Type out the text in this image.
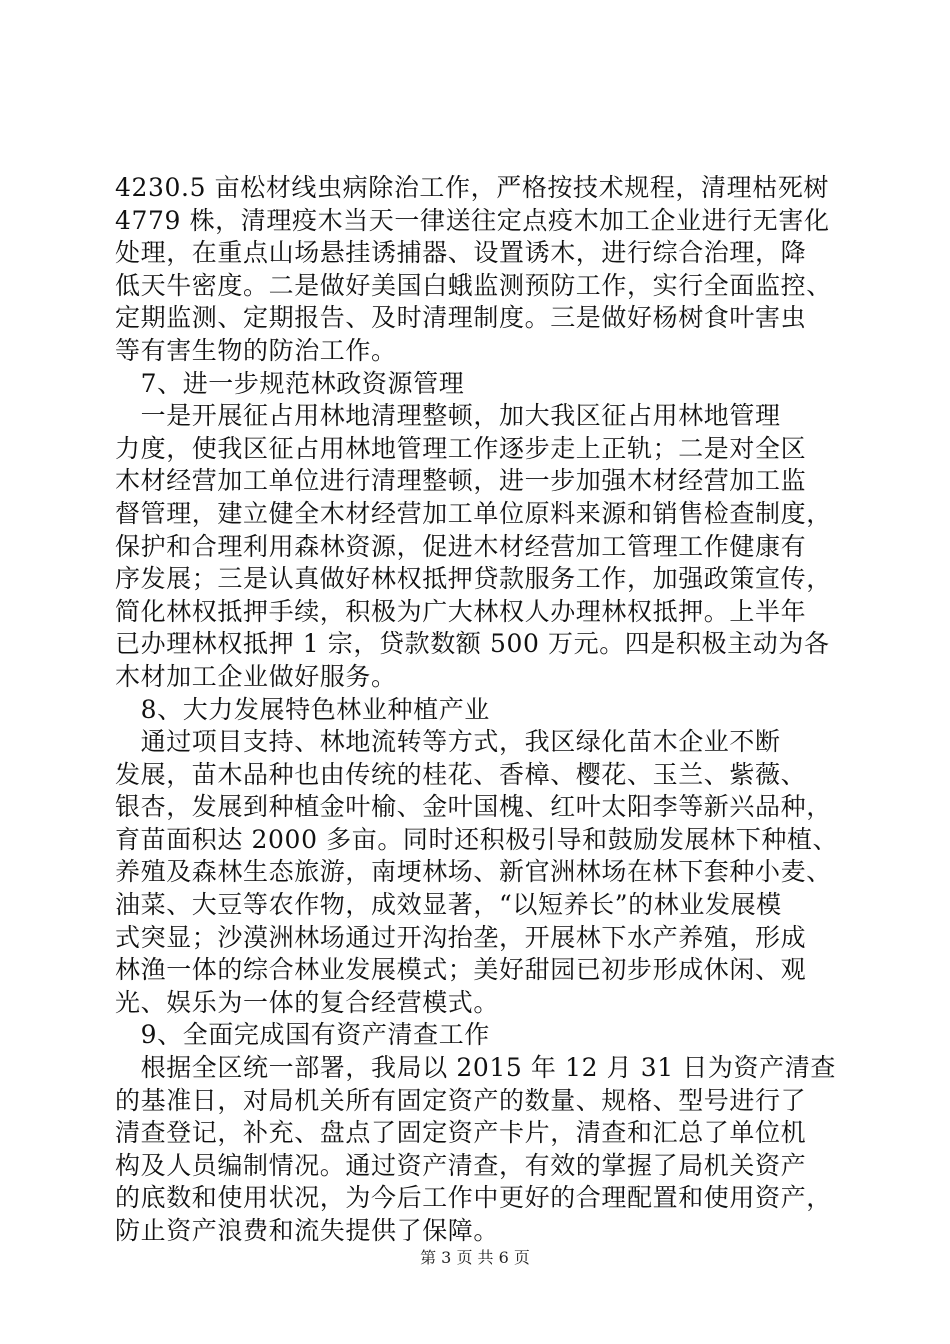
4230.5 亩松材线虫病除治工作，严格按技术规程，清理枯死树
4779 株，清理疫木当天一律送往定点疫木加工企业进行无害化
处理，在重点山场悬挂诱捕器、设置诱木，进行综合治理，降
低天牛密度。二是做好美国白蛾监测预防工作，实行全面监控、
定期监测、定期报告、及时清理制度。三是做好杨树食叶害虫
等有害生物的防治工作。
　7、进一步规范林政资源管理
　一是开展征占用林地清理整顿，加大我区征占用林地管理
力度，使我区征占用林地管理工作逐步走上正轨；二是对全区
木材经营加工单位进行清理整顿，进一步加强木材经营加工监
督管理，建立健全木材经营加工单位原料来源和销售检查制度，
保护和合理利用森林资源，促进木材经营加工管理工作健康有
序发展；三是认真做好林权抵押贷款服务工作，加强政策宣传，
简化林权抵押手续，积极为广大林权人办理林权抵押。上半年
已办理林权抵押 1 宗，贷款数额 500 万元。四是积极主动为各
木材加工企业做好服务。
　8、大力发展特色林业种植产业
　通过项目支持、林地流转等方式，我区绿化苗木企业不断
发展，苗木品种也由传统的桂花、香樟、樱花、玉兰、紫薇、
银杏，发展到种植金叶榆、金叶国槐、红叶太阳李等新兴品种，
育苗面积达 2000 多亩。同时还积极引导和鼓励发展林下种植、
养殖及森林生态旅游，南埂林场、新官洲林场在林下套种小麦、
油菜、大豆等农作物，成效显著，“以短养长”的林业发展模
式突显；沙漠洲林场通过开沟抬垄，开展林下水产养殖，形成
林渔一体的综合林业发展模式；美好甜园已初步形成休闲、观
光、娱乐为一体的复合经营模式。
　9、全面完成国有资产清查工作
　根据全区统一部署，我局以 2015 年 12 月 31 日为资产清查
的基准日，对局机关所有固定资产的数量、规格、型号进行了
清查登记，补充、盘点了固定资产卡片，清查和汇总了单位机
构及人员编制情况。通过资产清查，有效的掌握了局机关资产
的底数和使用状况，为今后工作中更好的合理配置和使用资产，
防止资产浪费和流失提供了保障。
第 3 页 共 6 页
